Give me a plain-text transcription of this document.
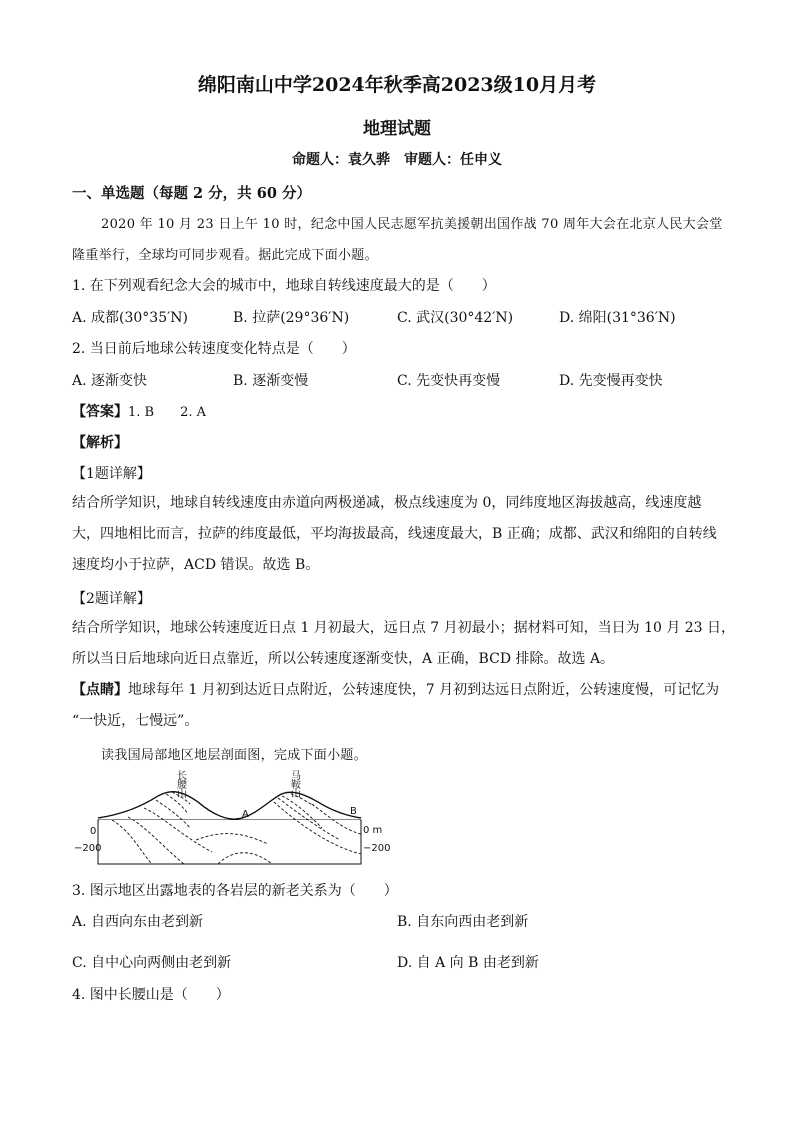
绵阳南山中学2024年秋季高2023级10月月考
地理试题
命题人：袁久骅　审题人：任申义
一、单选题（每题 2 分，共 60 分）
2020 年 10 月 23 日上午 10 时，纪念中国人民志愿军抗美援朝出国作战 70 周年大会在北京人民大会堂
隆重举行，全球均可同步观看。据此完成下面小题。
1. 在下列观看纪念大会的城市中，地球自转线速度最大的是（　　）
A. 成都(30°35′N)	B. 拉萨(29°36′N)	C. 武汉(30°42′N)	D. 绵阳(31°36′N)
2. 当日前后地球公转速度变化特点是（　　）
A. 逐渐变快	B. 逐渐变慢	C. 先变快再变慢	D. 先变慢再变快
【答案】1. B　　2. A
【解析】
【1题详解】
结合所学知识，地球自转线速度由赤道向两极递减，极点线速度为 0，同纬度地区海拔越高，线速度越
大，四地相比而言，拉萨的纬度最低，平均海拔最高，线速度最大，B 正确；成都、武汉和绵阳的自转线
速度均小于拉萨，ACD 错误。故选 B。
【2题详解】
结合所学知识，地球公转速度近日点 1 月初最大，远日点 7 月初最小；据材料可知，当日为 10 月 23 日，
所以当日后地球向近日点靠近，所以公转速度逐渐变快，A 正确，BCD 排除。故选 A。
【点睛】地球每年 1 月初到达近日点附近，公转速度快，7 月初到达远日点附近，公转速度慢，可记忆为
“一快近，七慢远”。
读我国局部地区地层剖面图，完成下面小题。
长腰山
马鞍山
A	B
0
−200
0 m
−200
3. 图示地区出露地表的各岩层的新老关系为（　　）
A. 自西向东由老到新	B. 自东向西由老到新
C. 自中心向两侧由老到新	D. 自 A 向 B 由老到新
4. 图中长腰山是（　　）
